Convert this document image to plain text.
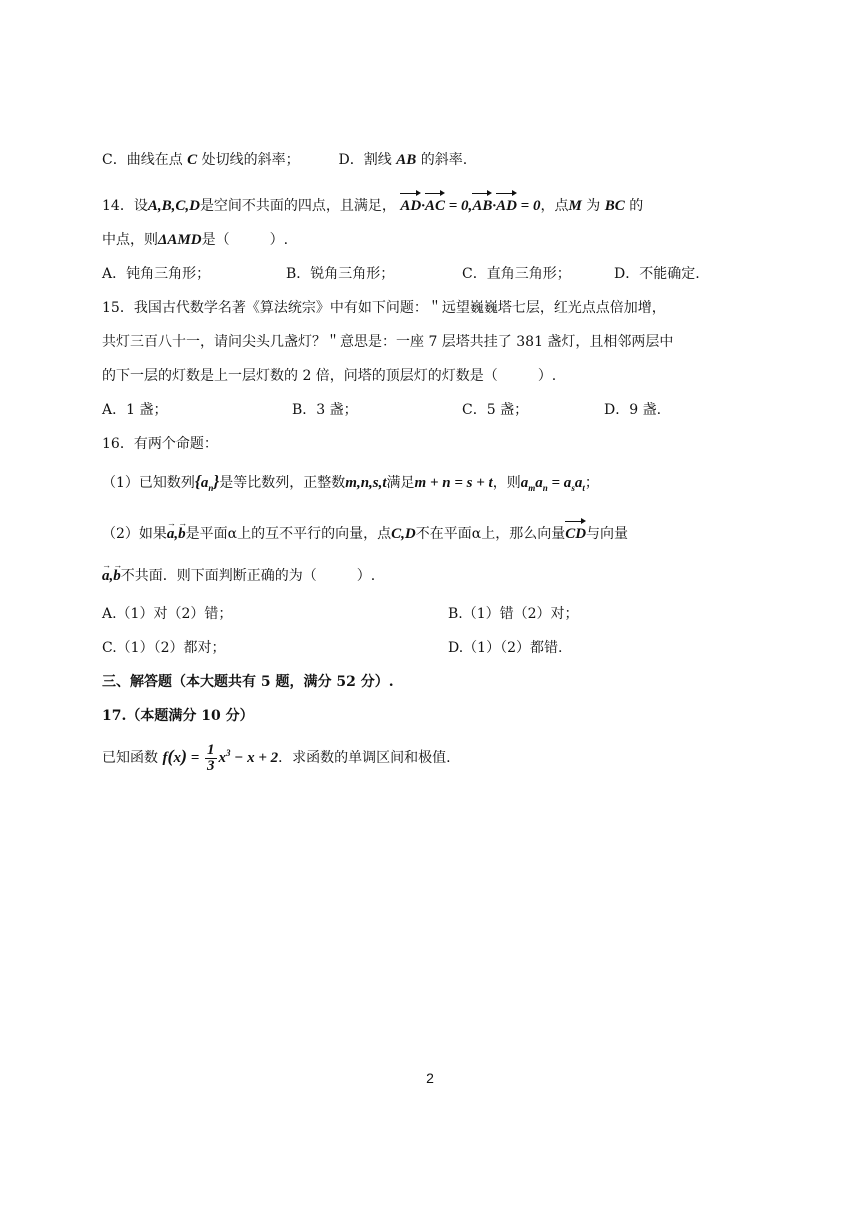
C．曲线在点 C 处切线的斜率；	D．割线 AB 的斜率.
14．设A,B,C,D是空间不共面的四点，且满足， AD·AC = 0,AB·AD = 0，点M 为 BC 的
中点，则ΔAMD是（	）.
A．钝角三角形；	B．锐角三角形；	C．直角三角形；	D．不能确定.
15．我国古代数学名著《算法统宗》中有如下问题：＂远望巍巍塔七层，红光点点倍加增，
共灯三百八十一，请问尖头几盏灯？＂意思是：一座 7 层塔共挂了 381 盏灯，且相邻两层中
的下一层的灯数是上一层灯数的 2 倍，问塔的顶层灯的灯数是（	）.
A．1 盏；	B．3 盏；	C．5 盏；	D．9 盏.
16．有两个命题：
（1）已知数列$\{a_n\}$是等比数列，正整数m,n,s,t满足m + n = s + t，则$a_ma_n = a_sa_t$；
（2）如果→ a,→ b是平面α上的互不平行的向量，点C,D不在平面α上，那么向量CD与向量
→ a,→ b不共面．则下面判断正确的为（	）.
A.（1）对（2）错；	B.（1）错（2）对；
C.（1）（2）都对；	D.（1）（2）都错.
三、解答题（本大题共有 5 题，满分 52 分）.
17.（本题满分 10 分）
已知函数 $f(x) = \frac{1}{3} x^3 - x + 2$．求函数的单调区间和极值.
2
